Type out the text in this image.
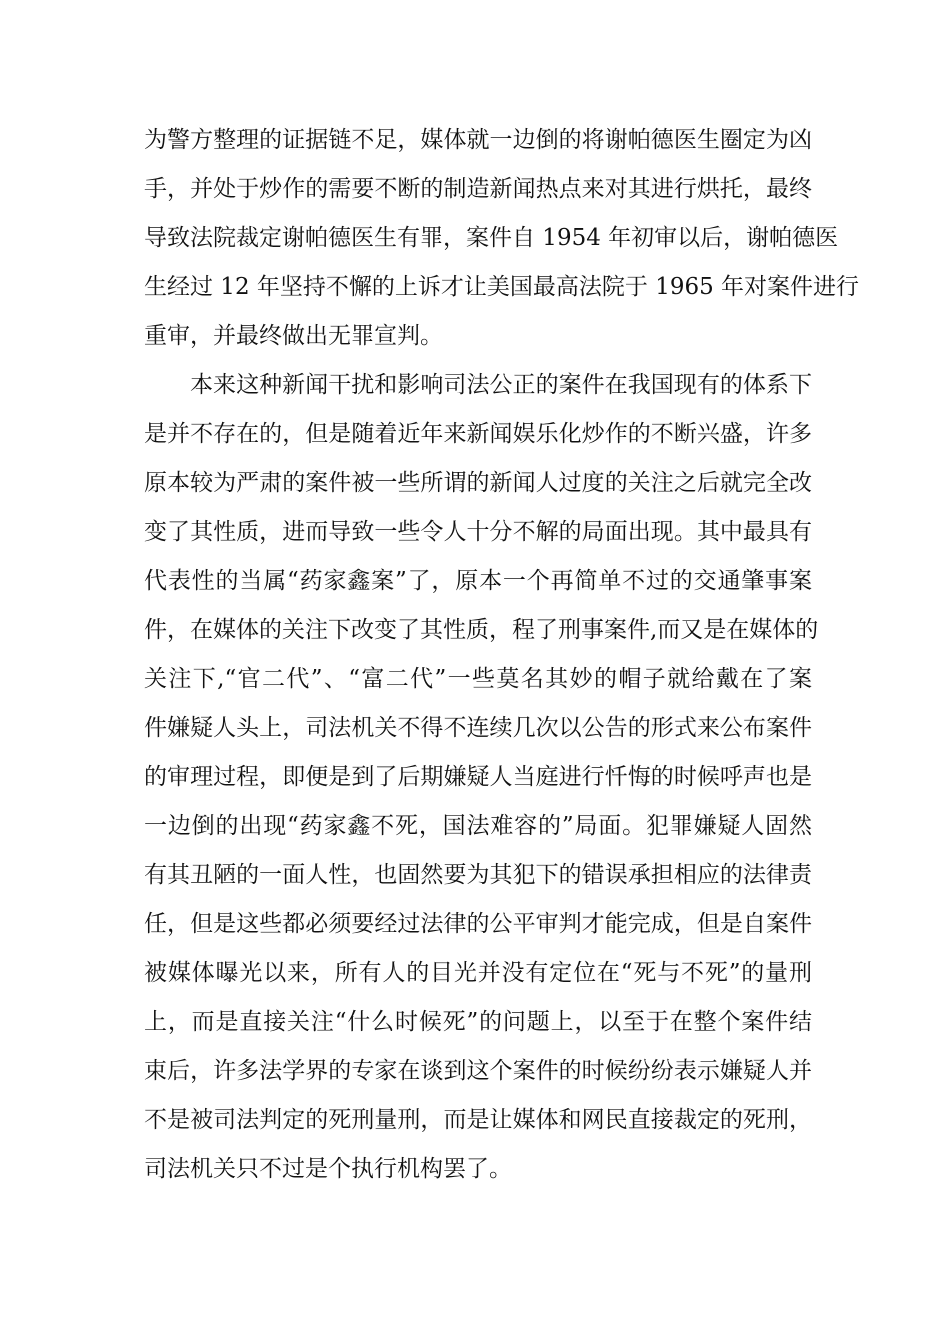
为警方整理的证据链不足，媒体就一边倒的将谢帕德医生圈定为凶
手，并处于炒作的需要不断的制造新闻热点来对其进行烘托，最终
导致法院裁定谢帕德医生有罪，案件自 1954 年初审以后，谢帕德医
生经过 12 年坚持不懈的上诉才让美国最高法院于 1965 年对案件进行
重审，并最终做出无罪宣判。
本来这种新闻干扰和影响司法公正的案件在我国现有的体系下
是并不存在的，但是随着近年来新闻娱乐化炒作的不断兴盛，许多
原本较为严肃的案件被一些所谓的新闻人过度的关注之后就完全改
变了其性质，进而导致一些令人十分不解的局面出现。其中最具有
代表性的当属“药家鑫案”了，原本一个再简单不过的交通肇事案
件，在媒体的关注下改变了其性质，程了刑事案件,而又是在媒体的
关注下,“官二代”、“富二代”一些莫名其妙的帽子就给戴在了案
件嫌疑人头上，司法机关不得不连续几次以公告的形式来公布案件
的审理过程，即便是到了后期嫌疑人当庭进行忏悔的时候呼声也是
一边倒的出现“药家鑫不死，国法难容的”局面。犯罪嫌疑人固然
有其丑陋的一面人性，也固然要为其犯下的错误承担相应的法律责
任，但是这些都必须要经过法律的公平审判才能完成，但是自案件
被媒体曝光以来，所有人的目光并没有定位在“死与不死”的量刑
上，而是直接关注“什么时候死”的问题上，以至于在整个案件结
束后，许多法学界的专家在谈到这个案件的时候纷纷表示嫌疑人并
不是被司法判定的死刑量刑，而是让媒体和网民直接裁定的死刑，
司法机关只不过是个执行机构罢了。
